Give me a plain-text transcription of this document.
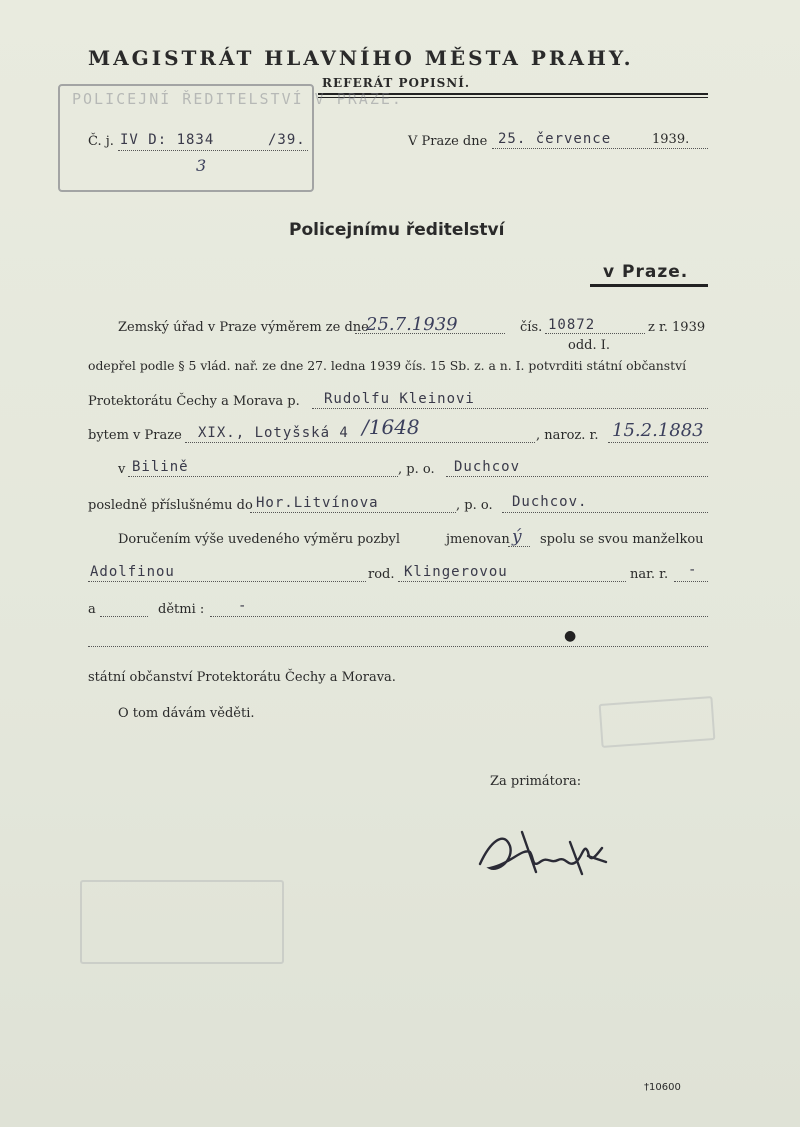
MAGISTRÁT HLAVNÍHO MĚSTA PRAHY.
REFERÁT POPISNÍ.
POLICEJNÍ ŘEDITELSTVÍ V PRAZE.
Č. j. IV D: 1834	/39.
3
V Praze dne 25. července	1939.
Policejnímu ředitelství
v Praze.
Zemský úřad v Praze výměrem ze dne
25.7.1939	čís. 10872	z r. 1939
odd. I.
odepřel podle § 5 vlád. nař. ze dne 27. ledna 1939 čís. 15 Sb. z. a n. I. potvrditi státní občanství
Protektorátu Čechy a Morava p. Rudolfu Kleinovi
bytem v Praze XIX., Lotyšská 4 /1648	, naroz. r. 15.2.1883
v Bilině	, p. o. Duchcov
posledně příslušnému do Hor.Litvínova	, p. o. Duchcov.
Doručením výše uvedeného výměru pozbyl	jmenovan ý spolu se svou manželkou
Adolfinou	rod. Klingerovou	nar. r. -
a	dětmi : -
●
státní občanství Protektorátu Čechy a Morava.
O tom dávám věděti.
Za primátora:
†10600
